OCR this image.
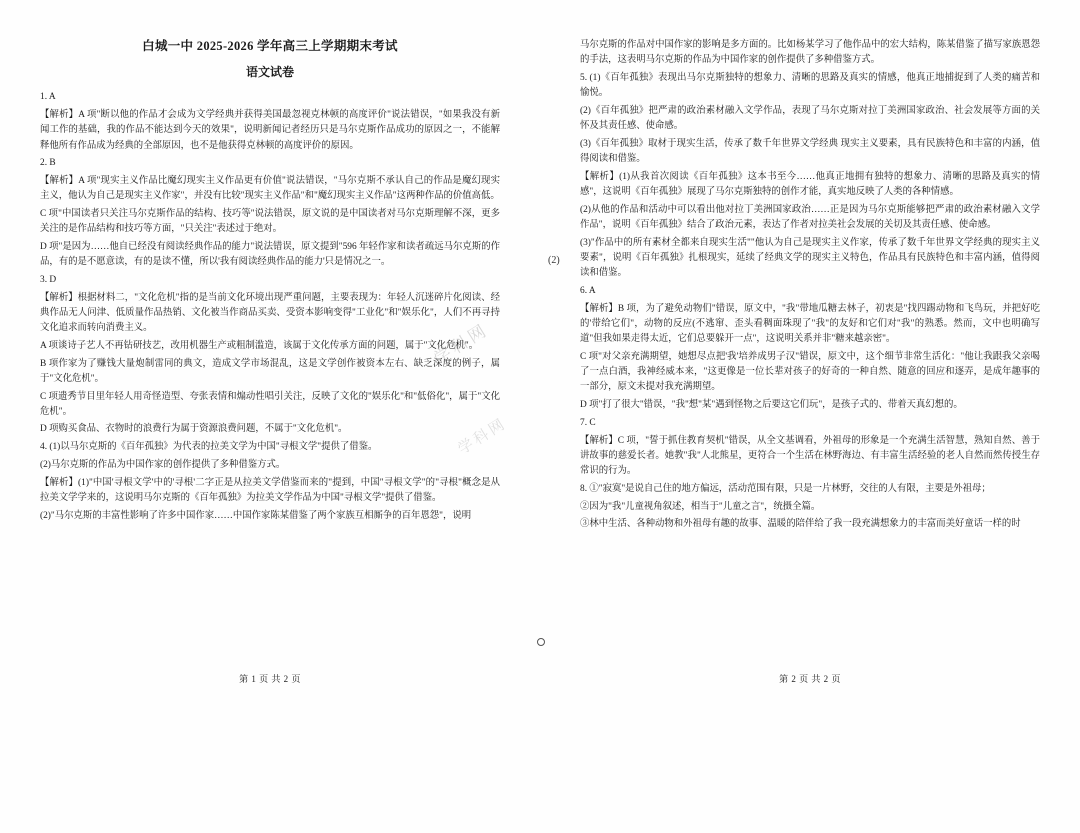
白城一中 2025-2026 学年高三上学期期末考试
语文试卷
1. A
【解析】A 项"断以他的作品才会成为文学经典并获得美国最忽视克林顿的高度评价"说法错误，"如果我没有新闻工作的基础，我的作品不能达到今天的效果"，说明新闻记者经历只是马尔克斯作品成功的原因之一，不能解释他所有作品成为经典的全部原因，也不是他获得克林顿的高度评价的原因。
2. B
【解析】A 项"现实主义作品比魔幻现实主义作品更有价值"说法错误，"马尔克斯不承认自己的作品是魔幻现实主义，他认为自己是现实主义作家"，并没有比较"现实主义作品"和"魔幻现实主义作品"这两种作品的价值高低。
C 项"中国读者只关注马尔克斯作品的结构、技巧等"说法错误，原文说的是中国读者对马尔克斯理解不深，更多关注的是作品结构和技巧等方面，"只关注"表述过于绝对。
D 项"是因为……他自已经没有阅读经典作品的能力"说法错误，原文提到"596 年轻作家和读者疏远马尔克斯的作品，有的是不愿意读，有的是读不懂，所以'我有阅读经典作品的能力'只是情况之一。
3. D
【解析】根据材料二，"文化危机"指的是当前文化环境出现严重问题，主要表现为：年轻人沉迷碎片化阅读、经典作品无人问津、低质量作品热销、文化被当作商品买卖、受资本影响变得"工业化"和"娱乐化"，人们不再寻持文化追求而转向消费主义。
A 项谈诗子艺人不再钻研技艺，改用机器生产或粗制滥造，该属于文化传承方面的问题，属于"文化危机"。
B 项作家为了赚钱大量炮制雷同的典文，造成文学市场混乱，这是文学创作被资本左右、缺乏深度的例子，属于"文化危机"。
C 项遗秀节目里年轻人用奇怪造型、夸张表情和煽动性唱引关注，反映了文化的"娱乐化"和"低俗化"，属于"文化危机"。
D 项购买食品、衣物时的浪费行为属于资源浪费问题，不属于"文化危机"。
4. (1)以马尔克斯的《百年孤独》为代表的拉美文学为中国"寻根文学"提供了借鉴。
(2)马尔克斯的作品为中国作家的创作提供了多种借鉴方式。
【解析】(1)"中国'寻根文学'中的'寻根'二字正是从拉美文学借鉴而来的"提到，中国"寻根文学"的"寻根"概念是从拉美文学学来的，这说明马尔克斯的《百年孤独》为拉美文学作品为中国"寻根文学"提供了借鉴。
(2)"马尔克斯的丰富性影响了许多中国作家……中国作家陈某借鉴了两个家族互相厮争的百年恩怨"，说明
马尔克斯的作品对中国作家的影响是多方面的。比如杨某学习了他作品中的宏大结构，陈某借鉴了描写家族恩怨的手法，这表明马尔克斯的作品为中国作家的创作提供了多种借鉴方式。
5. (1)《百年孤独》表现出马尔克斯独特的想象力、清晰的思路及真实的情感，他真正地捕捉到了人类的痛苦和愉悦。
(2)《百年孤独》把严肃的政治素材融入文学作品，表现了马尔克斯对拉丁美洲国家政治、社会发展等方面的关怀及其责任感、使命感。
(3)《百年孤独》取材于现实生活，传承了数千年世界文学经典 现实主义要素，具有民族特色和丰富的内涵，值得阅读和借鉴。
【解析】(1)从我首次阅读《百年孤独》这本书至今……他真正地拥有独特的想象力、清晰的思路及真实的情感"，这说明《百年孤独》展现了马尔克斯独特的创作才能，真实地反映了人类的各种情感。
(2)从他的作品和活动中可以看出他对拉丁美洲国家政治……正是因为马尔克斯能够把严肃的政治素材融入文学作品"，说明《百年孤独》结合了政治元素，表达了作者对拉美社会发展的关切及其责任感、使命感。
(3)"作品中的所有素材全都来自现实生活""他认为自己是现实主义作家，传承了数千年世界文学经典的现实主义要素"，说明《百年孤独》扎根现实，延续了经典文学的现实主义特色，作品具有民族特色和丰富内涵，值得阅读和借鉴。
6. A
【解析】B 项，为了避免动物们"错误，原文中，"我"带地瓜糖去林子，初衷是"找四踢动物和飞鸟玩，并把好吃的'带给它们"，动物的反应(不逃窜、歪头看稠面珠现了"我"的友好和它们对"我"的熟悉。然而，文中也明确写道"但我如果走得太近，它们总要躲开一点"，这说明关系并非"糖来越亲密"。
C 项"对父亲充满期望，她想尽点把'我'培养成男子汉"错误，原文中，这个细节非常生活化："他让我跟我父亲喝了一点白酒，我神经威本来，"这更像是一位长辈对孩子的好奇的一种自然、随意的回应和逐弄，是成年趣事的一部分，原文未提对我充满期望。
D 项"打了很大"错误，"我"想"某"遇到怪物之后要这它们玩"，是孩子式的、带着天真幻想的。
7. C
【解析】C 项，"誓于抓住教育契机"错误，从全文基调看，外祖母的形象是一个充满生活智慧，熟知自然、善于讲故事的慈爱长者。她教"我"人北熊星，更符合一个生活在林野海边、有丰富生活经验的老人自然而然传授生存常识的行为。
8. ①"寂寞"是说自己住的地方偏远，活动范围有限，只是一片林野，交往的人有限，主要是外祖母；
②因为"我"儿童视角叙述，相当于"儿童之言"，统摄全篇。
③林中生活、各种动物和外祖母有趣的故事、温暖的陪伴给了我一段充满想象力的丰富而美好童话一样的时
(2)
学科网
学科网
第 1 页 共 2 页	第 2 页 共 2 页
